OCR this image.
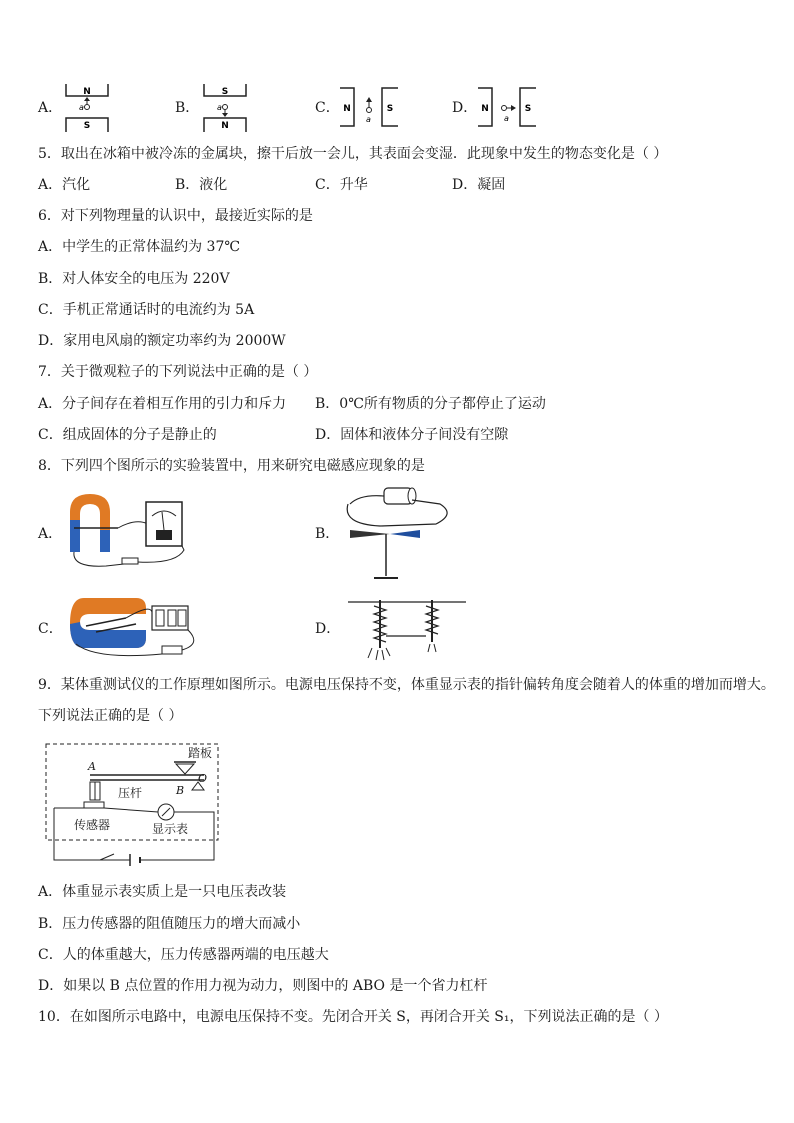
A．
N
a
S
B．
S
a
N
C． N
a
S	D． N
a
S
5．取出在冰箱中被冷冻的金属块，擦干后放一会儿，其表面会变湿．此现象中发生的物态变化是（ ）
A．汽化	B．液化	C．升华	D．凝固
6．对下列物理量的认识中，最接近实际的是
A．中学生的正常体温约为 37℃
B．对人体安全的电压为 220V
C．手机正常通话时的电流约为 5A
D．家用电风扇的额定功率约为 2000W
7．关于微观粒子的下列说法中正确的是（ ）
A．分子间存在着相互作用的引力和斥力 B．0℃所有物质的分子都停止了运动
C．组成固体的分子是静止的	D．固体和液体分子间没有空隙
8．下列四个图所示的实验装置中，用来研究电磁感应现象的是
A．	B．
C．	D．
9．某体重测试仪的工作原理如图所示。电源电压保持不变，体重显示表的指针偏转角度会随着人的体重的增加而增大。
下列说法正确的是（ ）
踏板
A
B
O
压杆
传感器	显示表
A．体重显示表实质上是一只电压表改装
B．压力传感器的阻值随压力的增大而减小
C．人的体重越大，压力传感器两端的电压越大
D．如果以 B 点位置的作用力视为动力，则图中的 ABO 是一个省力杠杆
10．在如图所示电路中，电源电压保持不变。先闭合开关 S，再闭合开关 S₁，下列说法正确的是（ ）
